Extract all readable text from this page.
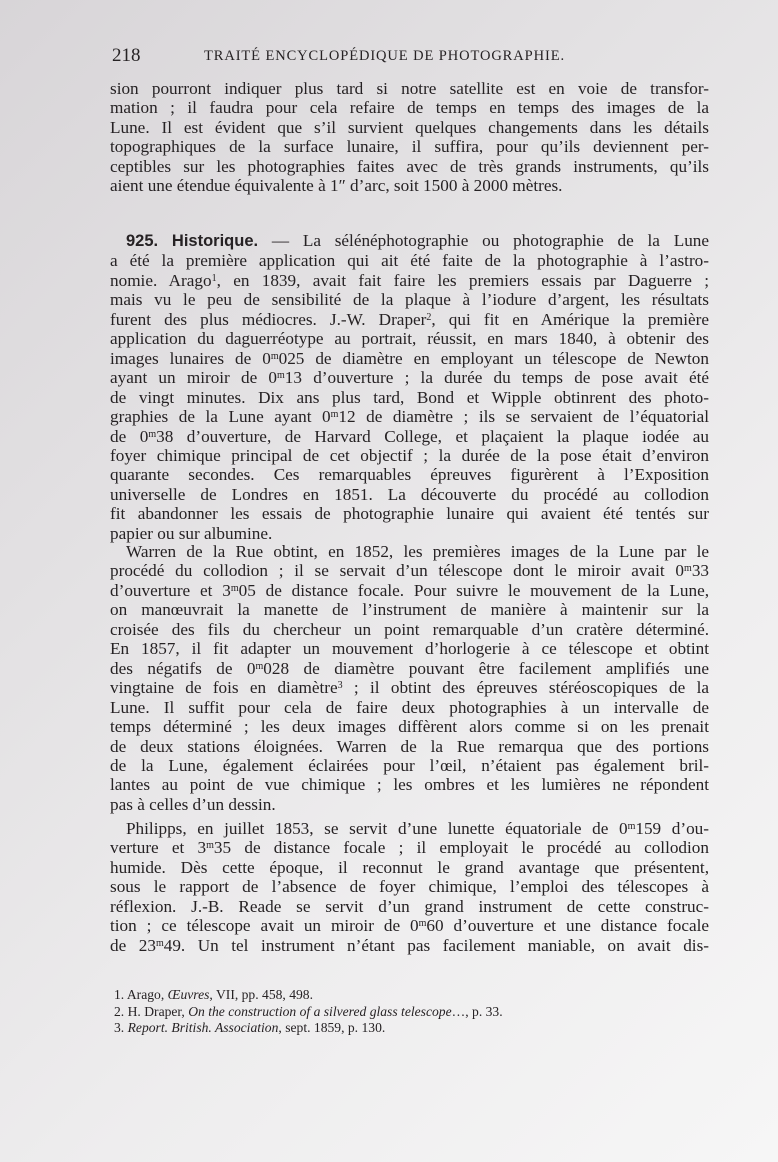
218	TRAITÉ ENCYCLOPÉDIQUE DE PHOTOGRAPHIE.
sion pourront indiquer plus tard si notre satellite est en voie de transfor-
mation ; il faudra pour cela refaire de temps en temps des images de la
Lune. Il est évident que s’il survient quelques changements dans les détails
topographiques de la surface lunaire, il suffira, pour qu’ils deviennent per-
ceptibles sur les photographies faites avec de très grands instruments, qu’ils
aient une étendue équivalente à 1″ d’arc, soit 1500 à 2000 mètres.
925. Historique. — La sélénéphotographie ou photographie de la Lune
a été la première application qui ait été faite de la photographie à l’astro-
nomie. Arago$^1$, en 1839, avait fait faire les premiers essais par Daguerre ;
mais vu le peu de sensibilité de la plaque à l’iodure d’argent, les résultats
furent des plus médiocres. J.-W. Draper$^2$, qui fit en Amérique la première
application du daguerréotype au portrait, réussit, en mars 1840, à obtenir des
images lunaires de 0$^m$025 de diamètre en employant un télescope de Newton
ayant un miroir de 0$^m$13 d’ouverture ; la durée du temps de pose avait été
de vingt minutes. Dix ans plus tard, Bond et Wipple obtinrent des photo-
graphies de la Lune ayant 0$^m$12 de diamètre ; ils se servaient de l’équatorial
de 0$^m$38 d’ouverture, de Harvard College, et plaçaient la plaque iodée au
foyer chimique principal de cet objectif ; la durée de la pose était d’environ
quarante secondes. Ces remarquables épreuves figurèrent à l’Exposition
universelle de Londres en 1851. La découverte du procédé au collodion
fit abandonner les essais de photographie lunaire qui avaient été tentés sur
papier ou sur albumine.
Warren de la Rue obtint, en 1852, les premières images de la Lune par le
procédé du collodion ; il se servait d’un télescope dont le miroir avait 0$^m$33
d’ouverture et 3$^m$05 de distance focale. Pour suivre le mouvement de la Lune,
on manœuvrait la manette de l’instrument de manière à maintenir sur la
croisée des fils du chercheur un point remarquable d’un cratère déterminé.
En 1857, il fit adapter un mouvement d’horlogerie à ce télescope et obtint
des négatifs de 0$^m$028 de diamètre pouvant être facilement amplifiés une
vingtaine de fois en diamètre$^3$ ; il obtint des épreuves stéréoscopiques de la
Lune. Il suffit pour cela de faire deux photographies à un intervalle de
temps déterminé ; les deux images diffèrent alors comme si on les prenait
de deux stations éloignées. Warren de la Rue remarqua que des portions
de la Lune, également éclairées pour l’œil, n’étaient pas également bril-
lantes au point de vue chimique ; les ombres et les lumières ne répondent
pas à celles d’un dessin.
Philipps, en juillet 1853, se servit d’une lunette équatoriale de 0$^m$159 d’ou-
verture et 3$^m$35 de distance focale ; il employait le procédé au collodion
humide. Dès cette époque, il reconnut le grand avantage que présentent,
sous le rapport de l’absence de foyer chimique, l’emploi des télescopes à
réflexion. J.-B. Reade se servit d’un grand instrument de cette construc-
tion ; ce télescope avait un miroir de 0$^m$60 d’ouverture et une distance focale
de 23$^m$49. Un tel instrument n’étant pas facilement maniable, on avait dis-
1. Arago, Œuvres, VII, pp. 458, 498.
2. H. Draper, On the construction of a silvered glass telescope…, p. 33.
3. Report. British. Association, sept. 1859, p. 130.
